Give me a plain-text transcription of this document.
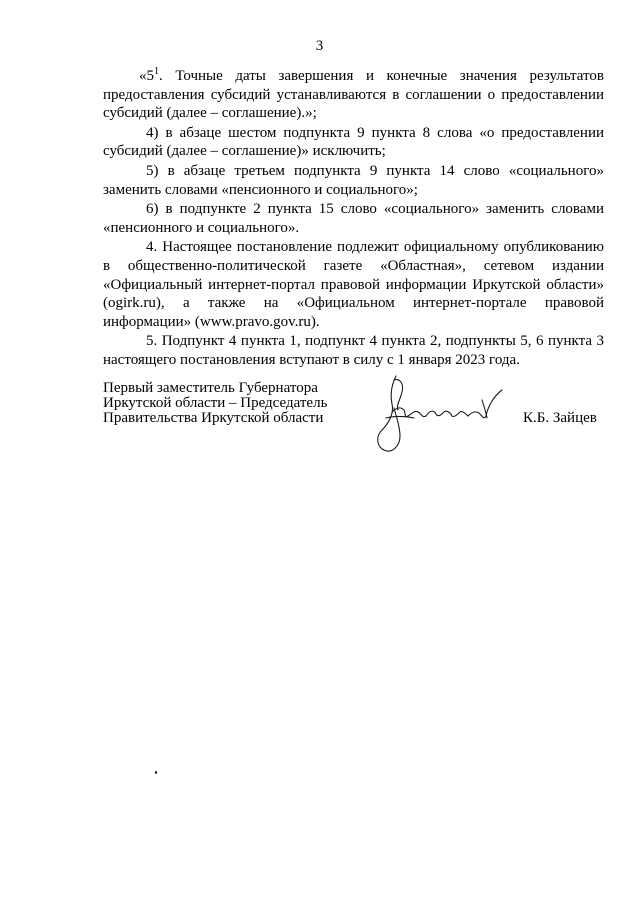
3
«$5^1$. Точные даты завершения и конечные значения результатов
предоставления субсидий устанавливаются в соглашении о предоставлении
субсидий (далее – соглашение).»;
4) в абзаце шестом подпункта 9 пункта 8 слова «о предоставлении
субсидий (далее – соглашение)» исключить;
5) в абзаце третьем подпункта 9 пункта 14 слово «социального»
заменить словами «пенсионного и социального»;
6) в подпункте 2 пункта 15 слово «социального» заменить словами
«пенсионного и социального».
4. Настоящее постановление подлежит официальному опубликованию
в общественно-политической газете «Областная», сетевом издании
«Официальный интернет-портал правовой информации Иркутской области»
(ogirk.ru), а также на «Официальном интернет-портале правовой
информации» (www.pravo.gov.ru).
5. Подпункт 4 пункта 1, подпункт 4 пункта 2, подпункты 5, 6 пункта 3
настоящего постановления вступают в силу с 1 января 2023 года.
Первый заместитель Губернатора
Иркутской области – Председатель
Правительства Иркутской области	К.Б. Зайцев
